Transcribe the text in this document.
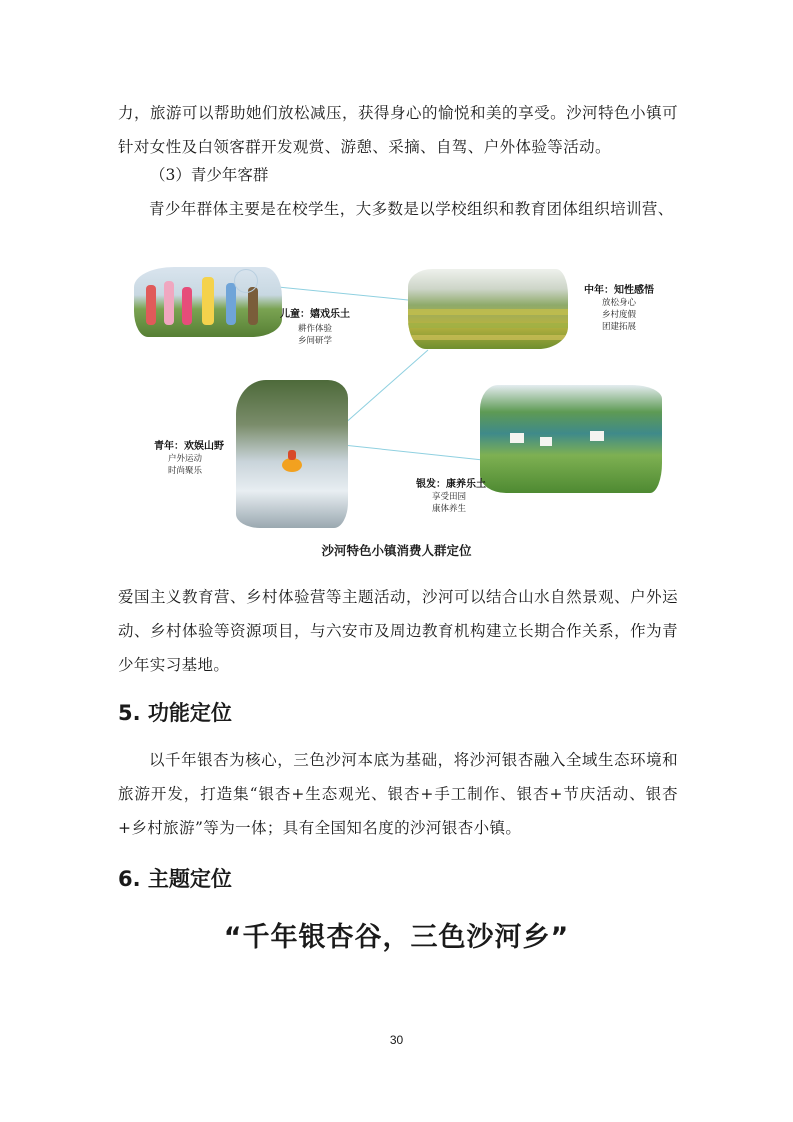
力，旅游可以帮助她们放松减压，获得身心的愉悦和美的享受。沙河特色小镇可针对女性及白领客群开发观赏、游憩、采摘、自驾、户外体验等活动。

（3）青少年客群

青少年群体主要是在校学生，大多数是以学校组织和教育团体组织培训营、

儿童：嬉戏乐土
耕作体验
乡间研学
中年：知性感悟
放松身心
乡村度假
团建拓展
青年：欢娱山野
户外运动
时尚聚乐
银发：康养乐土
享受田园
康体养生
沙河特色小镇消费人群定位

爱国主义教育营、乡村体验营等主题活动，沙河可以结合山水自然景观、户外运动、乡村体验等资源项目，与六安市及周边教育机构建立长期合作关系，作为青少年实习基地。

5. 功能定位

以千年银杏为核心，三色沙河本底为基础，将沙河银杏融入全域生态环境和旅游开发，打造集“银杏+生态观光、银杏+手工制作、银杏+节庆活动、银杏+乡村旅游”等为一体；具有全国知名度的沙河银杏小镇。

6. 主题定位
“千年银杏谷，三色沙河乡”
30
